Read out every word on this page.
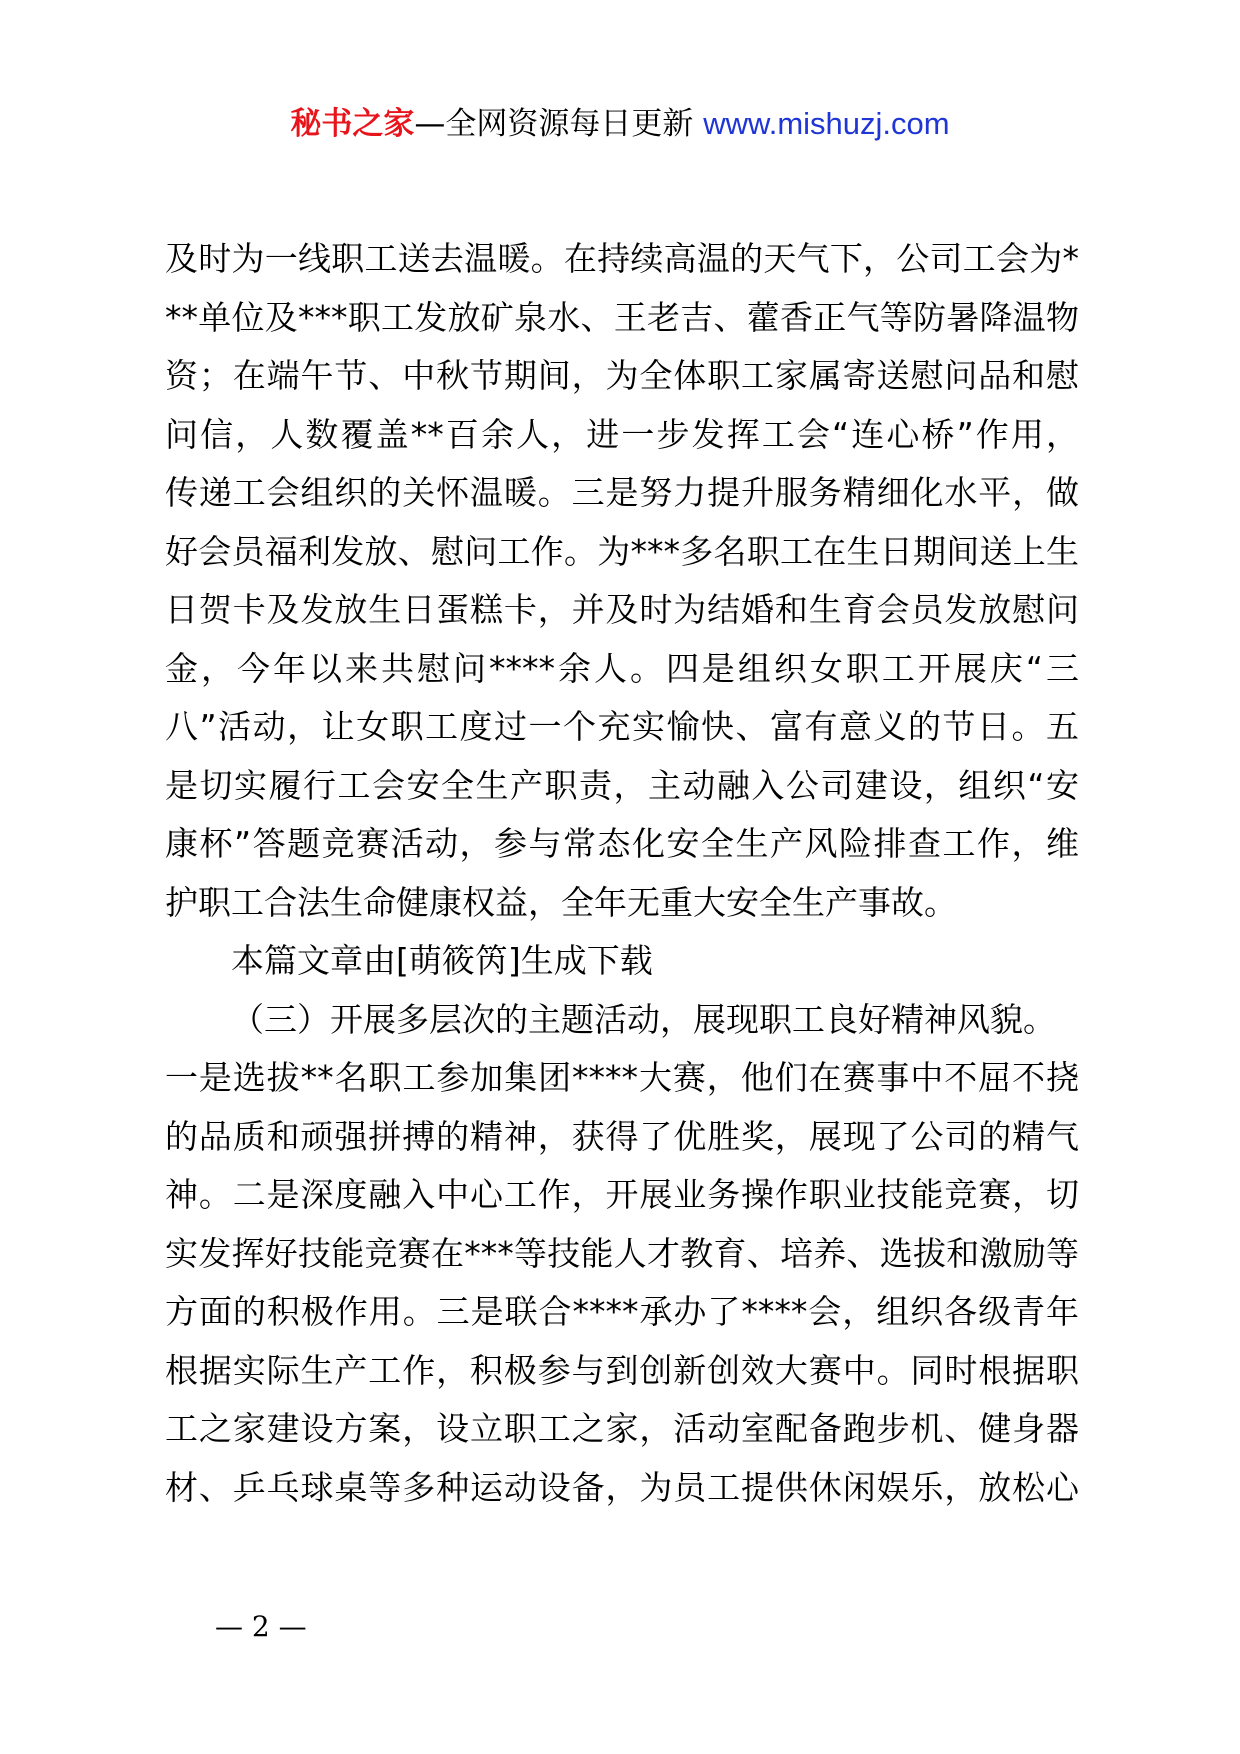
秘书之家—全网资源每日更新 www.mishuzj.com
及时为一线职工送去温暖。在持续高温的天气下，公司工会为*
**单位及***职工发放矿泉水、王老吉、藿香正气等防暑降温物
资；在端午节、中秋节期间，为全体职工家属寄送慰问品和慰
问信，人数覆盖**百余人，进一步发挥工会“连心桥”作用，
传递工会组织的关怀温暖。三是努力提升服务精细化水平，做
好会员福利发放、慰问工作。为***多名职工在生日期间送上生
日贺卡及发放生日蛋糕卡，并及时为结婚和生育会员发放慰问
金，今年以来共慰问****余人。四是组织女职工开展庆“三
八”活动，让女职工度过一个充实愉快、富有意义的节日。五
是切实履行工会安全生产职责，主动融入公司建设，组织“安
康杯”答题竞赛活动，参与常态化安全生产风险排查工作，维
护职工合法生命健康权益，全年无重大安全生产事故。
本篇文章由[萌筱笍]生成下载
（三）开展多层次的主题活动，展现职工良好精神风貌。
一是选拔**名职工参加集团****大赛，他们在赛事中不屈不挠
的品质和顽强拼搏的精神，获得了优胜奖，展现了公司的精气
神。二是深度融入中心工作，开展业务操作职业技能竞赛，切
实发挥好技能竞赛在***等技能人才教育、培养、选拔和激励等
方面的积极作用。三是联合****承办了****会，组织各级青年
根据实际生产工作，积极参与到创新创效大赛中。同时根据职
工之家建设方案，设立职工之家，活动室配备跑步机、健身器
材、乒乓球桌等多种运动设备，为员工提供休闲娱乐，放松心
— 2 —
